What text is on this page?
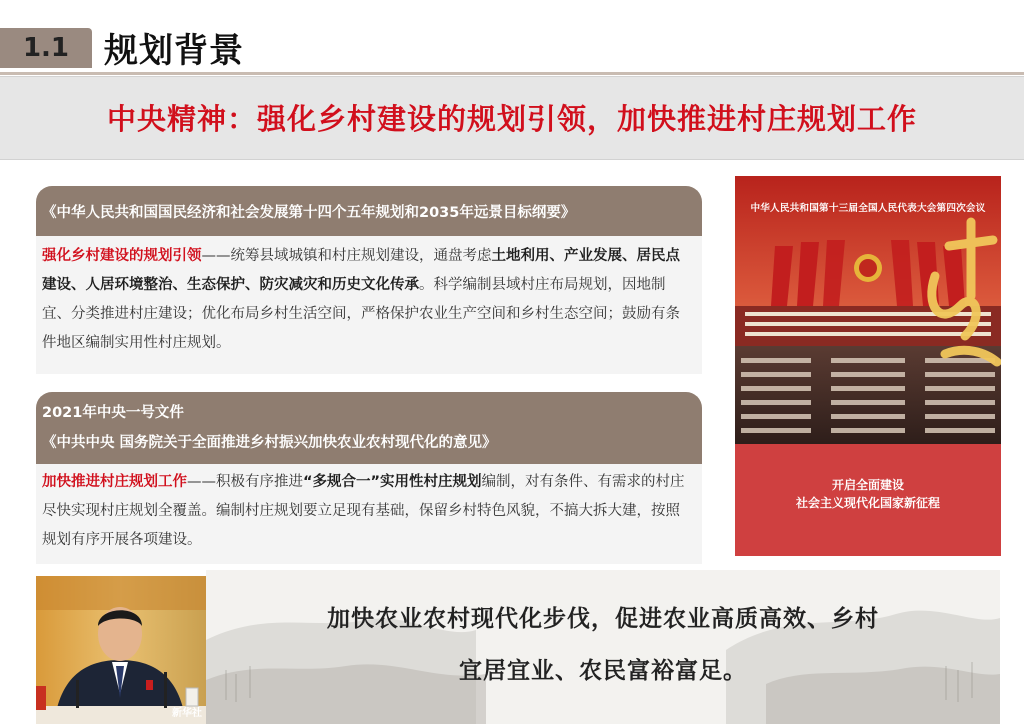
1.1	规划背景
中央精神：强化乡村建设的规划引领，加快推进村庄规划工作
《中华人民共和国国民经济和社会发展第十四个五年规划和2035年远景目标纲要》
强化乡村建设的规划引领——统筹县域城镇和村庄规划建设，通盘考虑土地利用、产业发展、居民点建设、人居环境整治、生态保护、防灾减灾和历史文化传承。科学编制县域村庄布局规划，因地制宜、分类推进村庄建设；优化布局乡村生活空间，严格保护农业生产空间和乡村生态空间；鼓励有条件地区编制实用性村庄规划。
2021年中央一号文件
《中共中央 国务院关于全面推进乡村振兴加快农业农村现代化的意见》
加快推进村庄规划工作——积极有序推进“多规合一”实用性村庄规划编制，对有条件、有需求的村庄尽快实现村庄规划全覆盖。编制村庄规划要立足现有基础，保留乡村特色风貌，不搞大拆大建，按照规划有序开展各项建设。
中华人民共和国第十三届全国人民代表大会第四次会议
开启全面建设
社会主义现代化国家新征程
新华社
加快农业农村现代化步伐，促进农业高质高效、乡村
宜居宜业、农民富裕富足。
